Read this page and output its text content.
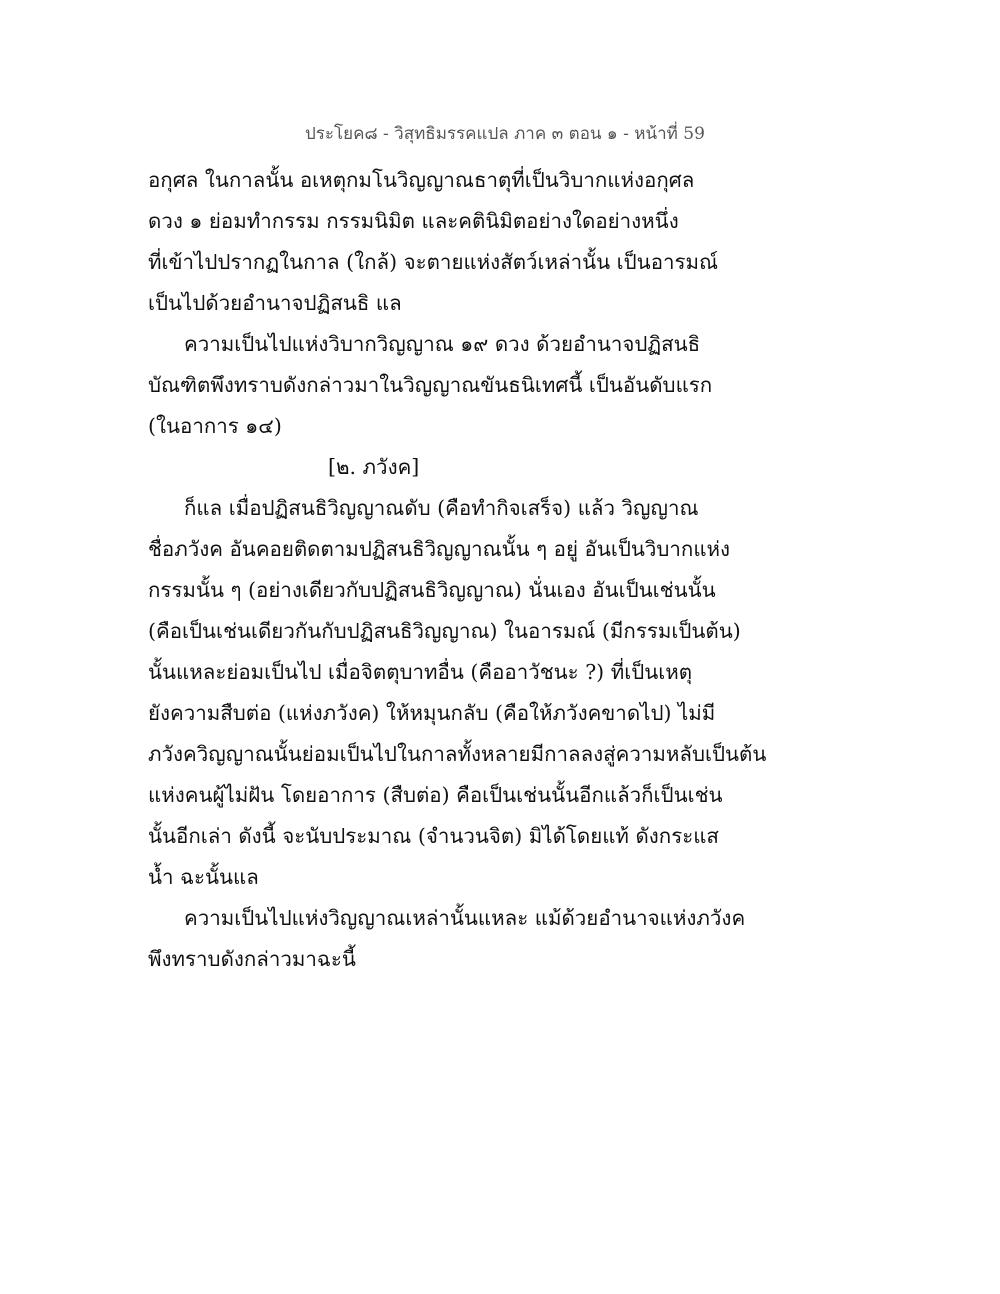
ประโยค๘ - วิสุทธิมรรคแปล ภาค ๓ ตอน ๑ - หน้าที่ 59
อกุศล ในกาลนั้น อเหตุกมโนวิญญาณธาตุที่เป็นวิบากแห่งอกุศล
ดวง ๑ ย่อมทำกรรม กรรมนิมิต และคตินิมิตอย่างใดอย่างหนึ่ง
ที่เข้าไปปรากฏในกาล (ใกล้) จะตายแห่งสัตว์เหล่านั้น เป็นอารมณ์
เป็นไปด้วยอำนาจปฏิสนธิ แล
ความเป็นไปแห่งวิบากวิญญาณ ๑๙ ดวง ด้วยอำนาจปฏิสนธิ
บัณฑิตพึงทราบดังกล่าวมาในวิญญาณขันธนิเทศนี้ เป็นอันดับแรก
(ในอาการ ๑๔)
[๒. ภวังค]
ก็แล เมื่อปฏิสนธิวิญญาณดับ (คือทำกิจเสร็จ) แล้ว วิญญาณ
ชื่อภวังค อันคอยติดตามปฏิสนธิวิญญาณนั้น ๆ อยู่ อันเป็นวิบากแห่ง
กรรมนั้น ๆ (อย่างเดียวกับปฏิสนธิวิญญาณ) นั่นเอง อันเป็นเช่นนั้น
(คือเป็นเช่นเดียวกันกับปฏิสนธิวิญญาณ) ในอารมณ์ (มีกรรมเป็นต้น)
นั้นแหละย่อมเป็นไป เมื่อจิตตุบาทอื่น (คืออาวัชนะ ?) ที่เป็นเหตุ
ยังความสืบต่อ (แห่งภวังค) ให้หมุนกลับ (คือให้ภวังคขาดไป) ไม่มี
ภวังควิญญาณนั้นย่อมเป็นไปในกาลทั้งหลายมีกาลลงสู่ความหลับเป็นต้น
แห่งคนผู้ไม่ฝัน โดยอาการ (สืบต่อ) คือเป็นเช่นนั้นอีกแล้วก็เป็นเช่น
นั้นอีกเล่า ดังนี้ จะนับประมาณ (จำนวนจิต) มิได้โดยแท้ ดังกระแส
น้ำ ฉะนั้นแล
ความเป็นไปแห่งวิญญาณเหล่านั้นแหละ แม้ด้วยอำนาจแห่งภวังค
พึงทราบดังกล่าวมาฉะนี้
